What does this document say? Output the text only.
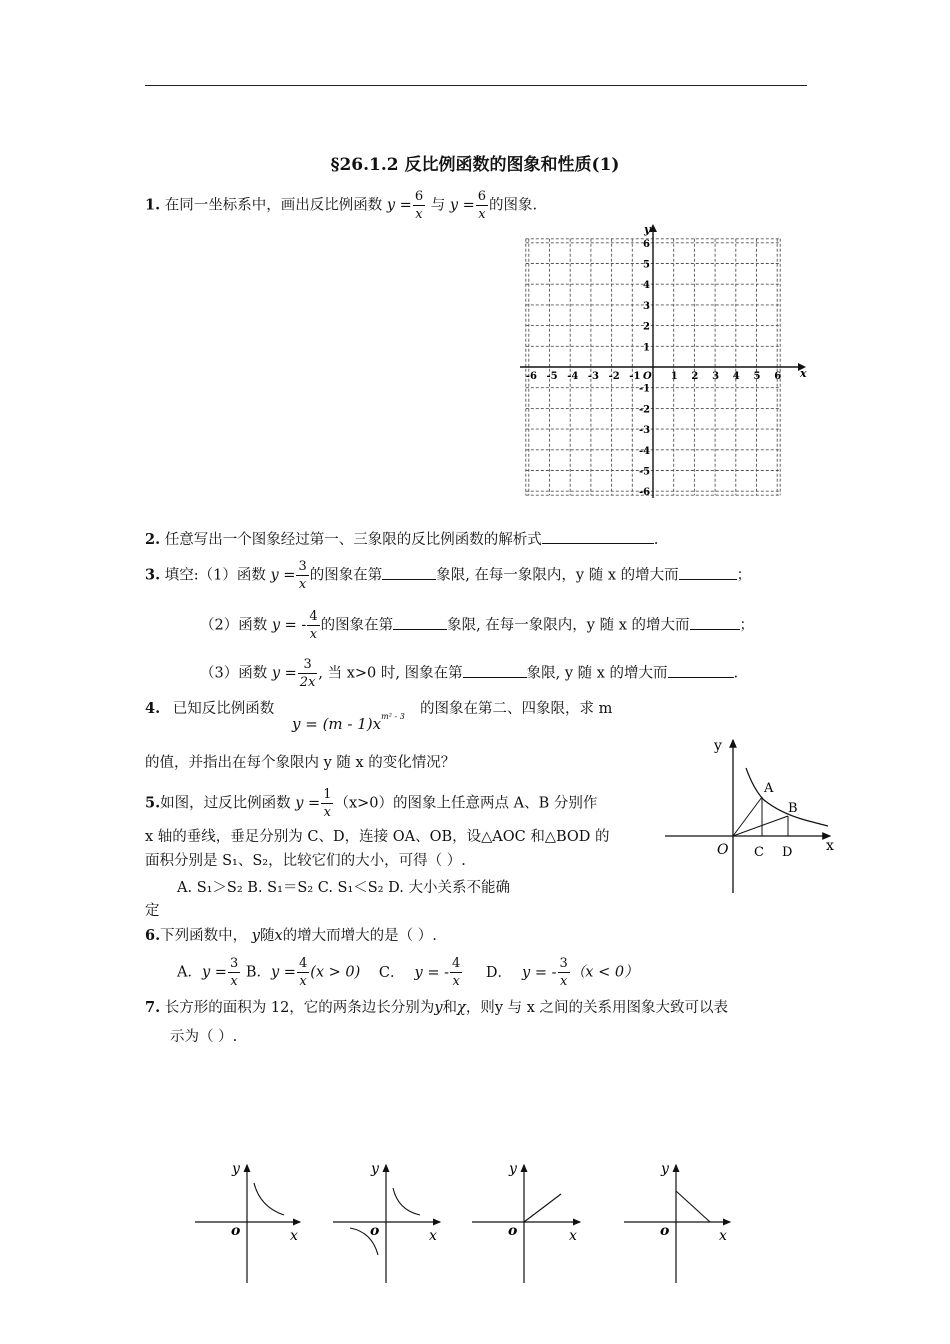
§26.1.2 反比例函数的图象和性质(1)
1. 在同一坐标系中，画出反比例函数 $y = \frac{6}{x}$ 与 $y = \frac{6}{x}$ 的图象.
-6 -5 -4 -3 -2 -1 O 1 2 3 4 5 6
6
5
4
3
2
1
-1
-2
-3
-4
-5
-6
x
y
2. 任意写出一个图象经过第一、三象限的反比例函数的解析式	.
3. 填空:（1）函数 $y = \frac{3}{x}$ 的图象在第	象限, 在每一象限内，y 随 x 的增大而	；
（2）函数 y = - $\frac{4}{x}$ 的图象在第	象限, 在每一象限内，y 随 x 的增大而	；
（3）函数 $y = \frac{3}{2x}$ , 当 x>0 时, 图象在第	象限, y 随 x 的增大而	.
4. 已知反比例函数
$y = (m - 1)x^{m^2 - 3}$ 的图象在第二、四象限，求 m
的值，并指出在每个象限内 y 随 x 的变化情况？
5.如图，过反比例函数 $y = \frac{1}{x} (x>0)$的图象上任意两点 A、B 分别作
x 轴的垂线，垂足分别为 C、D，连接 OA、OB，设△AOC 和△BOD 的
面积分别是 S₁、S₂，比较它们的大小，可得（ ）.
A. S₁＞S₂ B. S₁＝S₂ C. S₁＜S₂ D. 大小关系不能确
定
y
x
O
A
B
C D
6.下列函数中， y随x的增大而增大的是（ ）.
A．$y = \frac{3}{x}$ B．$y = \frac{4}{x} (x > 0)$ C． y = - $\frac{4}{x}$ D． y = - $\frac{3}{x} (x < 0)$
7. 长方形的面积为 12，它的两条边长分别为y和χ，则y 与 x 之间的关系用图象大致可以表
示为（ ）.
y
x
o
y
x
o
y
x
o
y
x
o
